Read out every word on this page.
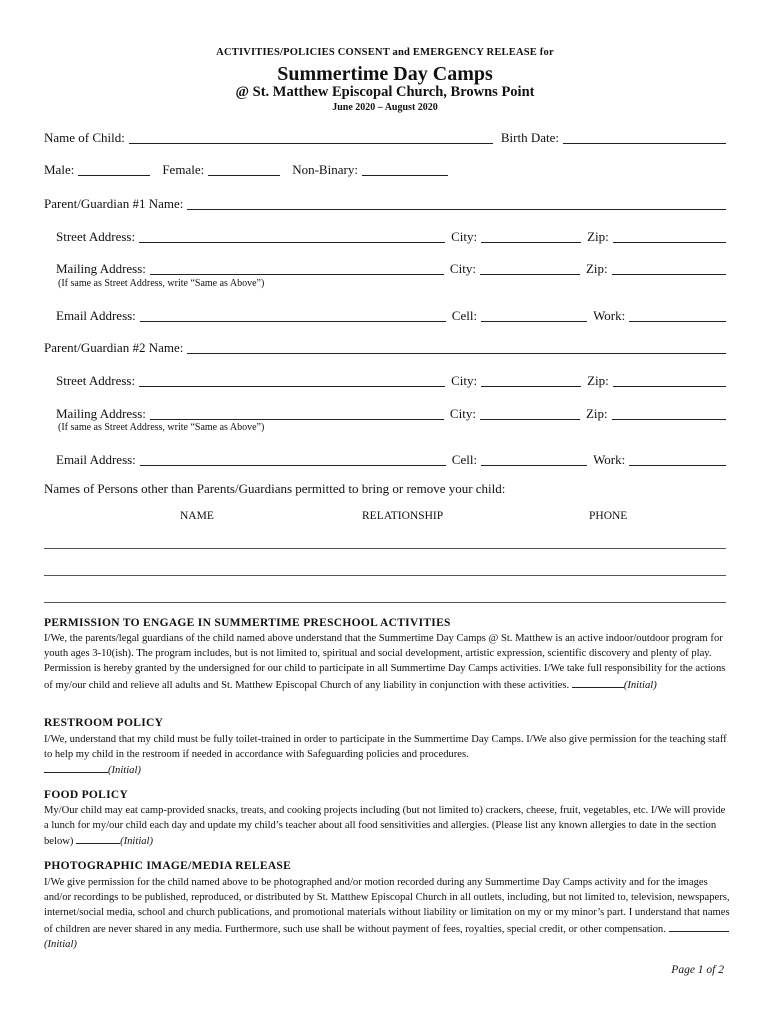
ACTIVITIES/POLICIES CONSENT and EMERGENCY RELEASE for
Summertime Day Camps
@ St. Matthew Episcopal Church, Browns Point
June 2020 – August 2020
Name of Child:	Birth Date:
Male:	Female:	Non-Binary:
Parent/Guardian #1 Name:
Street Address:	City:	Zip:
Mailing Address:	City:	Zip:
(If same as Street Address, write “Same as Above”)
Email Address:	Cell:	Work:
Parent/Guardian #2 Name:
Street Address:	City:	Zip:
Mailing Address:	City:	Zip:
(If same as Street Address, write “Same as Above”)
Email Address:	Cell:	Work:
Names of Persons other than Parents/Guardians permitted to bring or remove your child:
NAME	RELATIONSHIP	PHONE
PERMISSION TO ENGAGE IN SUMMERTIME PRESCHOOL ACTIVITIES
I/We, the parents/legal guardians of the child named above understand that the Summertime Day Camps @ St. Matthew is an active indoor/outdoor program for youth ages 3-10(ish). The program includes, but is not limited to, spiritual and social development, artistic expression, scientific discovery and plenty of play. Permission is hereby granted by the undersigned for our child to participate in all Summertime Day Camps activities. I/We take full responsibility for the actions of my/our child and relieve all adults and St. Matthew Episcopal Church of any liability in conjunction with these activities.	(Initial)
RESTROOM POLICY
I/We, understand that my child must be fully toilet-trained in order to participate in the Summertime Day Camps. I/We also give permission for the teaching staff to help my child in the restroom if needed in accordance with Safeguarding policies and procedures.
(Initial)
FOOD POLICY
My/Our child may eat camp-provided snacks, treats, and cooking projects including (but not limited to) crackers, cheese, fruit, vegetables, etc. I/We will provide a lunch for my/our child each day and update my child’s teacher about all food sensitivities and allergies. (Please list any known allergies to date in the section below)	(Initial)
PHOTOGRAPHIC IMAGE/MEDIA RELEASE
I/We give permission for the child named above to be photographed and/or motion recorded during any Summertime Day Camps activity and for the images and/or recordings to be published, reproduced, or distributed by St. Matthew Episcopal Church in all outlets, including, but not limited to, television, newspapers, internet/social media, school and church publications, and promotional materials without liability or limitation on my or my minor’s part. I understand that names of children are never shared in any media. Furthermore, such use shall be without payment of fees, royalties, special credit, or other compensation. (Initial)
Page 1 of 2
